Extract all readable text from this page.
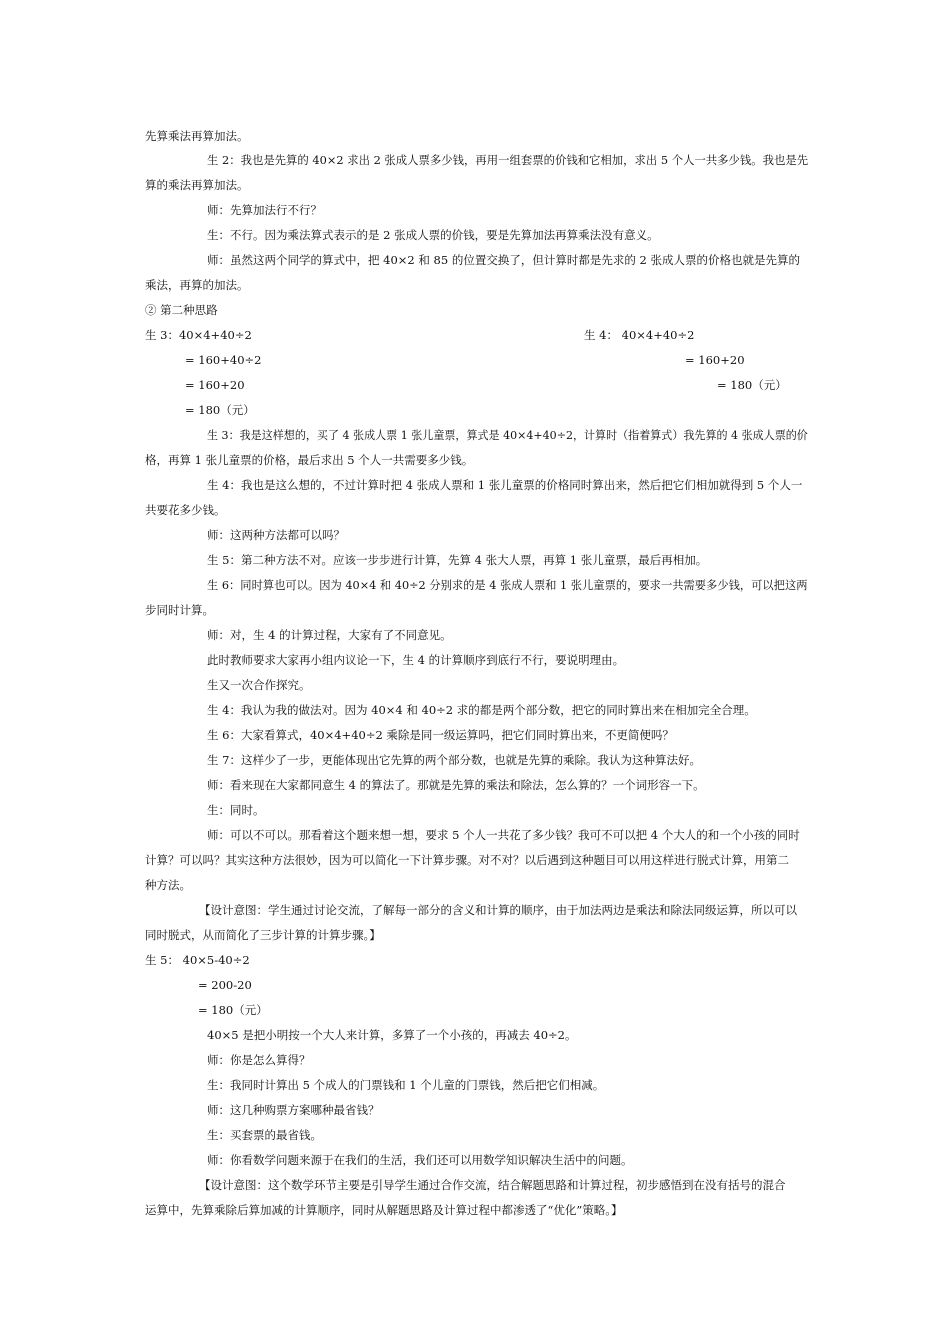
先算乘法再算加法。
生 2：我也是先算的 40×2 求出 2 张成人票多少钱，再用一组套票的价钱和它相加，求出 5 个人一共多少钱。我也是先
算的乘法再算加法。
师：先算加法行不行？
生：不行。因为乘法算式表示的是 2 张成人票的价钱，要是先算加法再算乘法没有意义。
师：虽然这两个同学的算式中，把 40×2 和 85 的位置交换了，但计算时都是先求的 2 张成人票的价格也就是先算的
乘法，再算的加法。
② 第二种思路
生 3：40×4+40÷2	生 4： 40×4+40÷2
= 160+40÷2	= 160+20
= 160+20	= 180（元）
= 180（元）
生 3：我是这样想的，买了 4 张成人票 1 张儿童票，算式是 40×4+40÷2，计算时（指着算式）我先算的 4 张成人票的价
格，再算 1 张儿童票的价格，最后求出 5 个人一共需要多少钱。
生 4：我也是这么想的，不过计算时把 4 张成人票和 1 张儿童票的价格同时算出来，然后把它们相加就得到 5 个人一
共要花多少钱。
师：这两种方法都可以吗？
生 5：第二种方法不对。应该一步步进行计算，先算 4 张大人票，再算 1 张儿童票，最后再相加。
生 6：同时算也可以。因为 40×4 和 40÷2 分别求的是 4 张成人票和 1 张儿童票的，要求一共需要多少钱，可以把这两
步同时计算。
师：对，生 4 的计算过程，大家有了不同意见。
此时教师要求大家再小组内议论一下，生 4 的计算顺序到底行不行，要说明理由。
生又一次合作探究。
生 4：我认为我的做法对。因为 40×4 和 40÷2 求的都是两个部分数，把它的同时算出来在相加完全合理。
生 6：大家看算式，40×4+40÷2 乘除是同一级运算吗，把它们同时算出来，不更简便吗？
生 7：这样少了一步，更能体现出它先算的两个部分数，也就是先算的乘除。我认为这种算法好。
师：看来现在大家都同意生 4 的算法了。那就是先算的乘法和除法，怎么算的？一个词形容一下。
生：同时。
师：可以不可以。那看着这个题来想一想，要求 5 个人一共花了多少钱？我可不可以把 4 个大人的和一个小孩的同时
计算？可以吗？其实这种方法很妙，因为可以简化一下计算步骤。对不对？以后遇到这种题目可以用这样进行脱式计算，用第二
种方法。
【设计意图：学生通过讨论交流，了解每一部分的含义和计算的顺序，由于加法两边是乘法和除法同级运算，所以可以
同时脱式，从而简化了三步计算的计算步骤。】
生 5： 40×5-40÷2
= 200-20
= 180（元）
40×5 是把小明按一个大人来计算，多算了一个小孩的，再减去 40÷2。
师：你是怎么算得？
生：我同时计算出 5 个成人的门票钱和 1 个儿童的门票钱，然后把它们相减。
师：这几种购票方案哪种最省钱？
生：买套票的最省钱。
师：你看数学问题来源于在我们的生活，我们还可以用数学知识解决生活中的问题。
【设计意图：这个数学环节主要是引导学生通过合作交流，结合解题思路和计算过程，初步感悟到在没有括号的混合
运算中，先算乘除后算加减的计算顺序，同时从解题思路及计算过程中都渗透了“优化”策略。】
